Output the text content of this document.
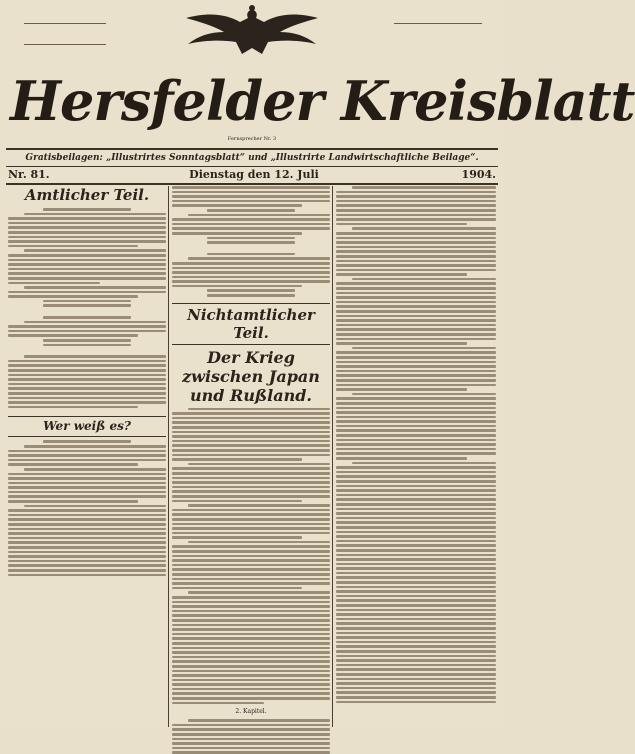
Hersfelder Kreisblatt
Fernsprecher Nr. 3
Gratisbeilagen: „Illustrirtes Sonntagsblatt“ und „Illustrirte Landwirtschaftliche Beilage“.
Nr. 81.	Dienstag den 12. Juli	1904.
Amtlicher Teil.
Wer weiß es?
Nichtamtlicher Teil.
Der Krieg zwischen Japan und Rußland.
2. Kapitel.
